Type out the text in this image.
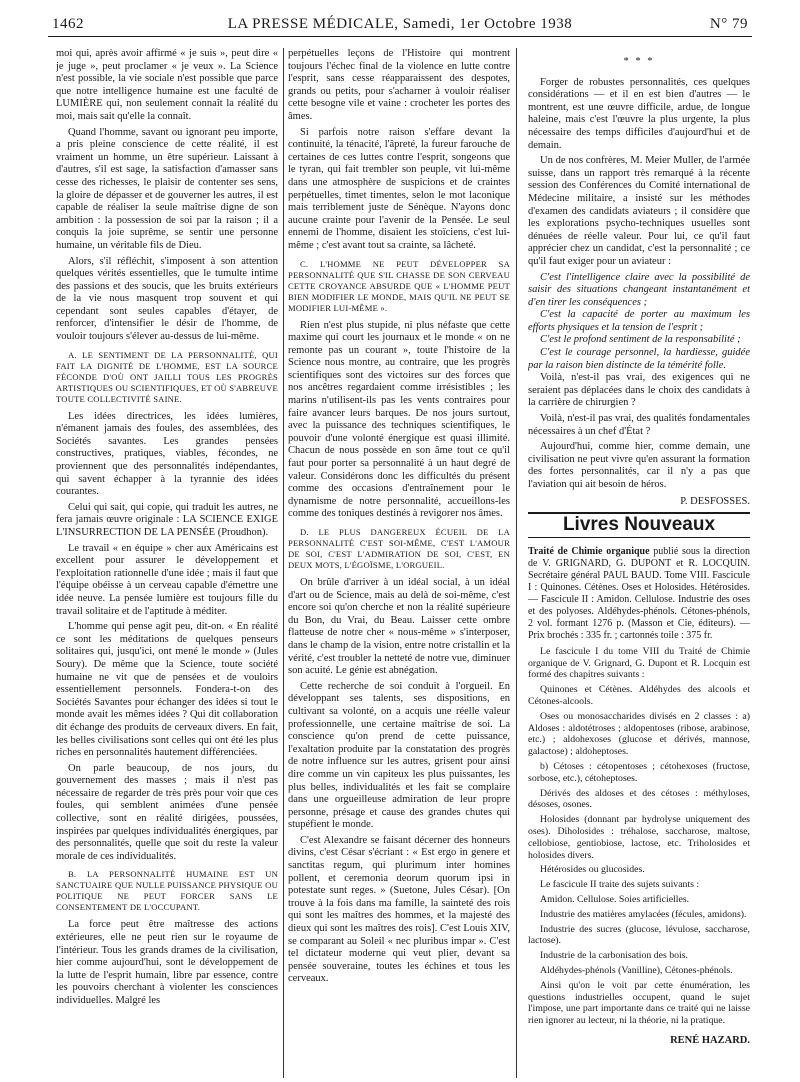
1462	LA PRESSE MÉDICALE, Samedi, 1er Octobre 1938	N° 79

moi qui, après avoir affirmé « je suis », peut dire « je juge », peut proclamer « je veux ». La Science n'est possible, la vie sociale n'est possible que parce que notre intelligence humaine est une faculté de LUMIÈRE qui, non seulement connaît la réalité du moi, mais sait qu'elle la connaît.

Quand l'homme, savant ou ignorant peu importe, a pris pleine conscience de cette réalité, il est vraiment un homme, un être supérieur. Laissant à d'autres, s'il est sage, la satisfaction d'amasser sans cesse des richesses, le plaisir de contenter ses sens, la gloire de dépasser et de gouverner les autres, il est capable de réaliser la seule maîtrise digne de son ambition : la possession de soi par la raison ; il a conquis la joie suprême, se sentir une personne humaine, un véritable fils de Dieu.

Alors, s'il réfléchit, s'imposent à son attention quelques vérités essentielles, que le tumulte intime des passions et des soucis, que les bruits extérieurs de la vie nous masquent trop souvent et qui cependant sont seules capables d'étayer, de renforcer, d'intensifier le désir de l'homme, de vouloir toujours s'élever au-dessus de lui-même.

A. LE SENTIMENT DE LA PERSONNALITÉ, QUI FAIT LA DIGNITÉ DE L'HOMME, EST LA SOURCE FÉCONDE D'OÙ ONT JAILLI TOUS LES PROGRÈS ARTISTIQUES OU SCIENTIFIQUES, ET OÙ S'ABREUVE TOUTE COLLECTIVITÉ SAINE.

Les idées directrices, les idées lumières, n'émanent jamais des foules, des assemblées, des Sociétés savantes. Les grandes pensées constructives, pratiques, viables, fécondes, ne proviennent que des personnalités indépendantes, qui savent échapper à la tyrannie des idées courantes.

Celui qui sait, qui copie, qui traduit les autres, ne fera jamais œuvre originale : LA SCIENCE EXIGE L'INSURRECTION DE LA PENSÉE (Proudhon).

Le travail « en équipe » cher aux Américains est excellent pour assurer le développement et l'exploitation rationnelle d'une idée ; mais il faut que l'équipe obéisse à un cerveau capable d'émettre une idée neuve. La pensée lumière est toujours fille du travail solitaire et de l'aptitude à méditer.

L'homme qui pense agit peu, dit-on. « En réalité ce sont les méditations de quelques penseurs solitaires qui, jusqu'ici, ont mené le monde » (Jules Soury). De même que la Science, toute société humaine ne vit que de pensées et de vouloirs essentiellement personnels. Fondera-t-on des Sociétés Savantes pour échanger des idées si tout le monde avait les mêmes idées ? Qui dit collaboration dit échange des produits de cerveaux divers. En fait, les belles civilisations sont celles qui ont été les plus riches en personnalités hautement différenciées.

On parle beaucoup, de nos jours, du gouvernement des masses ; mais il n'est pas nécessaire de regarder de très près pour voir que ces foules, qui semblent animées d'une pensée collective, sont en réalité dirigées, poussées, inspirées par quelques individualités énergiques, par des personnalités, quelle que soit du reste la valeur morale de ces individualités.

B. LA PERSONNALITÉ HUMAINE EST UN SANCTUAIRE QUE NULLE PUISSANCE PHYSIQUE OU POLITIQUE NE PEUT FORCER SANS LE CONSENTEMENT DE L'OCCUPANT.

La force peut être maîtresse des actions extérieures, elle ne peut rien sur le royaume de l'intérieur. Tous les grands drames de la civilisation, hier comme aujourd'hui, sont le développement de la lutte de l'esprit humain, libre par essence, contre les pouvoirs cherchant à violenter les consciences individuelles. Malgré les

perpétuelles leçons de l'Histoire qui montrent toujours l'échec final de la violence en lutte contre l'esprit, sans cesse réapparaissent des despotes, grands ou petits, pour s'acharner à vouloir réaliser cette besogne vile et vaine : crocheter les portes des âmes.

Si parfois notre raison s'effare devant la continuité, la ténacité, l'âpreté, la fureur farouche de certaines de ces luttes contre l'esprit, songeons que le tyran, qui fait trembler son peuple, vit lui-même dans une atmosphère de suspicions et de craintes perpétuelles, timet timentes, selon le mot laconique mais terriblement juste de Sénèque. N'ayons donc aucune crainte pour l'avenir de la Pensée. Le seul ennemi de l'homme, disaient les stoïciens, c'est lui-même ; c'est avant tout sa crainte, sa lâcheté.

C. L'HOMME NE PEUT DÉVELOPPER SA PERSONNALITÉ QUE S'IL CHASSE DE SON CERVEAU CETTE CROYANCE ABSURDE QUE « L'HOMME PEUT BIEN MODIFIER LE MONDE, MAIS QU'IL NE PEUT SE MODIFIER LUI-MÊME ».

Rien n'est plus stupide, ni plus néfaste que cette maxime qui court les journaux et le monde « on ne remonte pas un courant », toute l'histoire de la Science nous montre, au contraire, que les progrès scientifiques sont des victoires sur des forces que nos ancêtres regardaient comme irrésistibles ; les marins n'utilisent-ils pas les vents contraires pour faire avancer leurs barques. De nos jours surtout, avec la puissance des techniques scientifiques, le pouvoir d'une volonté énergique est quasi illimité. Chacun de nous possède en son âme tout ce qu'il faut pour porter sa personnalité à un haut degré de valeur. Considérons donc les difficultés du présent comme des occasions d'entraînement pour le dynamisme de notre personnalité, accueillons-les comme des toniques destinés à revigorer nos âmes.

D. LE PLUS DANGEREUX ÉCUEIL DE LA PERSONNALITÉ C'EST SOI-MÊME, C'EST L'AMOUR DE SOI, C'EST L'ADMIRATION DE SOI, C'EST, EN DEUX MOTS, L'ÉGOÏSME, L'ORGUEIL.

On brûle d'arriver à un idéal social, à un idéal d'art ou de Science, mais au delà de soi-même, c'est encore soi qu'on cherche et non la réalité supérieure du Bon, du Vrai, du Beau. Laisser cette ombre flatteuse de notre cher « nous-même » s'interposer, dans le champ de la vision, entre notre cristallin et la vérité, c'est troubler la netteté de notre vue, diminuer son acuité. Le génie est abnégation.

Cette recherche de soi conduit à l'orgueil. En développant ses talents, ses dispositions, en cultivant sa volonté, on a acquis une réelle valeur professionnelle, une certaine maîtrise de soi. La conscience qu'on prend de cette puissance, l'exaltation produite par la constatation des progrès de notre influence sur les autres, grisent pour ainsi dire comme un vin capiteux les plus puissantes, les plus belles, individualités et les fait se complaire dans une orgueilleuse admiration de leur propre personne, présage et cause des grandes chutes qui stupéfient le monde.

C'est Alexandre se faisant décerner des honneurs divins, c'est César s'écriant : « Est ergo in genere et sanctitas regum, qui plurimum inter homines pollent, et ceremonia deorum quorum ipsi in potestate sunt reges. » (Suetone, Jules César). [On trouve à la fois dans ma famille, la sainteté des rois qui sont les maîtres des hommes, et la majesté des dieux qui sont les maîtres des rois]. C'est Louis XIV, se comparant au Soleil « nec pluribus impar ». C'est tel dictateur moderne qui veut plier, devant sa pensée souveraine, toutes les échines et tous les cerveaux.

* * *

Forger de robustes personnalités, ces quelques considérations — et il en est bien d'autres — le montrent, est une œuvre difficile, ardue, de longue haleine, mais c'est l'œuvre la plus urgente, la plus nécessaire des temps difficiles d'aujourd'hui et de demain.

Un de nos confrères, M. Meier Muller, de l'armée suisse, dans un rapport très remarqué à la récente session des Conférences du Comité international de Médecine militaire, a insisté sur les méthodes d'examen des candidats aviateurs ; il considère que les explorations psycho-techniques usuelles sont dénuées de réelle valeur. Pour lui, ce qu'il faut apprécier chez un candidat, c'est la personnalité ; ce qu'il faut exiger pour un aviateur :

C'est l'intelligence claire avec la possibilité de saisir des situations changeant instantanément et d'en tirer les conséquences ;

C'est la capacité de porter au maximum les efforts physiques et la tension de l'esprit ;

C'est le profond sentiment de la responsabilité ;

C'est le courage personnel, la hardiesse, guidée par la raison bien distincte de la témérité folle.

Voilà, n'est-il pas vrai, des exigences qui ne seraient pas déplacées dans le choix des candidats à la carrière de chirurgien ?

Voilà, n'est-il pas vrai, des qualités fondamentales nécessaires à un chef d'État ?

Aujourd'hui, comme hier, comme demain, une civilisation ne peut vivre qu'en assurant la formation des fortes personnalités, car il n'y a pas que l'aviation qui ait besoin de héros.

P. DESFOSSES.
Livres Nouveaux

Traité de Chimie organique publié sous la direction de V. GRIGNARD, G. DUPONT et R. LOCQUIN. Secrétaire général PAUL BAUD. Tome VIII. Fascicule I : Quinones. Cétènes. Oses et Holosides. Hétérosides. — Fascicule II : Amidon. Cellulose. Industrie des oses et des polyoses. Aldéhydes-phénols. Cétones-phénols, 2 vol. formant 1276 p. (Masson et Cie, éditeurs). — Prix brochés : 335 fr. ; cartonnés toile : 375 fr.

Le fascicule I du tome VIII du Traité de Chimie organique de V. Grignard, G. Dupont et R. Locquin est formé des chapitres suivants :

Quinones et Cétènes. Aldéhydes des alcools et Cétones-alcools.

Oses ou monosaccharides divisés en 2 classes : a) Aldoses : aldotétroses ; aldopentoses (ribose, arabinose, etc.) ; aldohexoses (glucose et dérivés, mannose, galactose) ; aldoheptoses.

b) Cétoses : cétopentoses ; cétohexoses (fructose, sorbose, etc.), cétoheptoses.

Dérivés des aldoses et des cétoses : méthyloses, désoses, osones.

Holosides (donnant par hydrolyse uniquement des oses). Diholosides : tréhalose, saccharose, maltose, cellobiose, gentiobiose, lactose, etc. Triholosides et holosides divers.

Hétérosides ou glucosides.

Le fascicule II traite des sujets suivants :

Amidon. Cellulose. Soies artificielles.

Industrie des matières amylacées (fécules, amidons).

Industrie des sucres (glucose, lévulose, saccharose, lactose).

Industrie de la carbonisation des bois.

Aldéhydes-phénols (Vanilline), Cétones-phénols.

Ainsi qu'on le voit par cette énumération, les questions industrielles occupent, quand le sujet l'impose, une part importante dans ce traité qui ne laisse rien ignorer au lecteur, ni la théorie, ni la pratique.

RENÉ HAZARD.
